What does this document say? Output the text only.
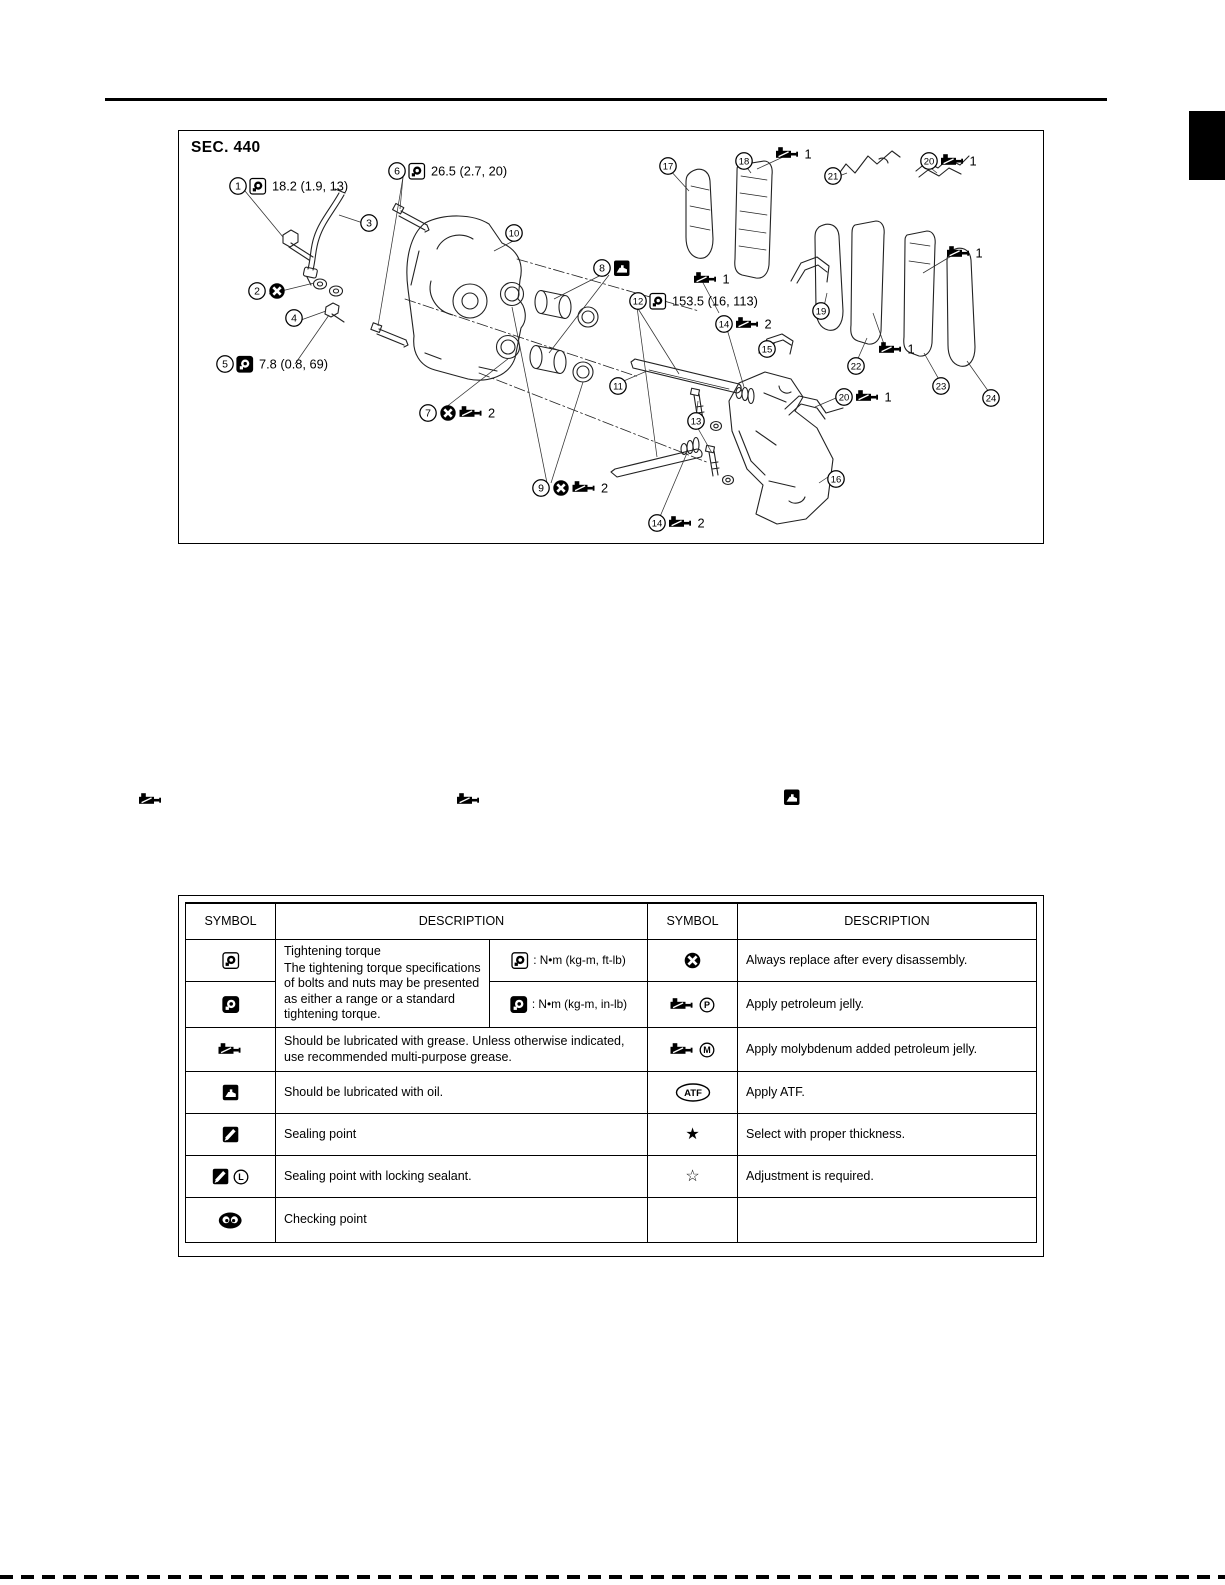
SEC. 440
1 18.2 (1.9, 13)
6 26.5 (2.7, 20)
3
10
2
4
5 7.8 (0.8, 69)
8
7	2
9	2
11
12 153.5 (16, 113)
13
14	2
14	2
15
16
17	18
1
19
20	1
20	1
21
22
23
24
1
1
1
SYMBOL	DESCRIPTION	SYMBOL	DESCRIPTION
Tightening torque
The tightening torque specifications of bolts and nuts may be presented as either a range or a standard tightening torque.
: N•m (kg-m, ft-lb)	Always replace after every disassembly.
: N•m (kg-m, in-lb)	P	Apply petroleum jelly.
Should be lubricated with grease. Unless otherwise indicated, use recommended multi-purpose grease.	M	Apply molybdenum added petroleum jelly.
Should be lubricated with oil.	ATF	Apply ATF.
Sealing point	★	Select with proper thickness.
L	Sealing point with locking sealant.	☆	Adjustment is required.
Checking point
